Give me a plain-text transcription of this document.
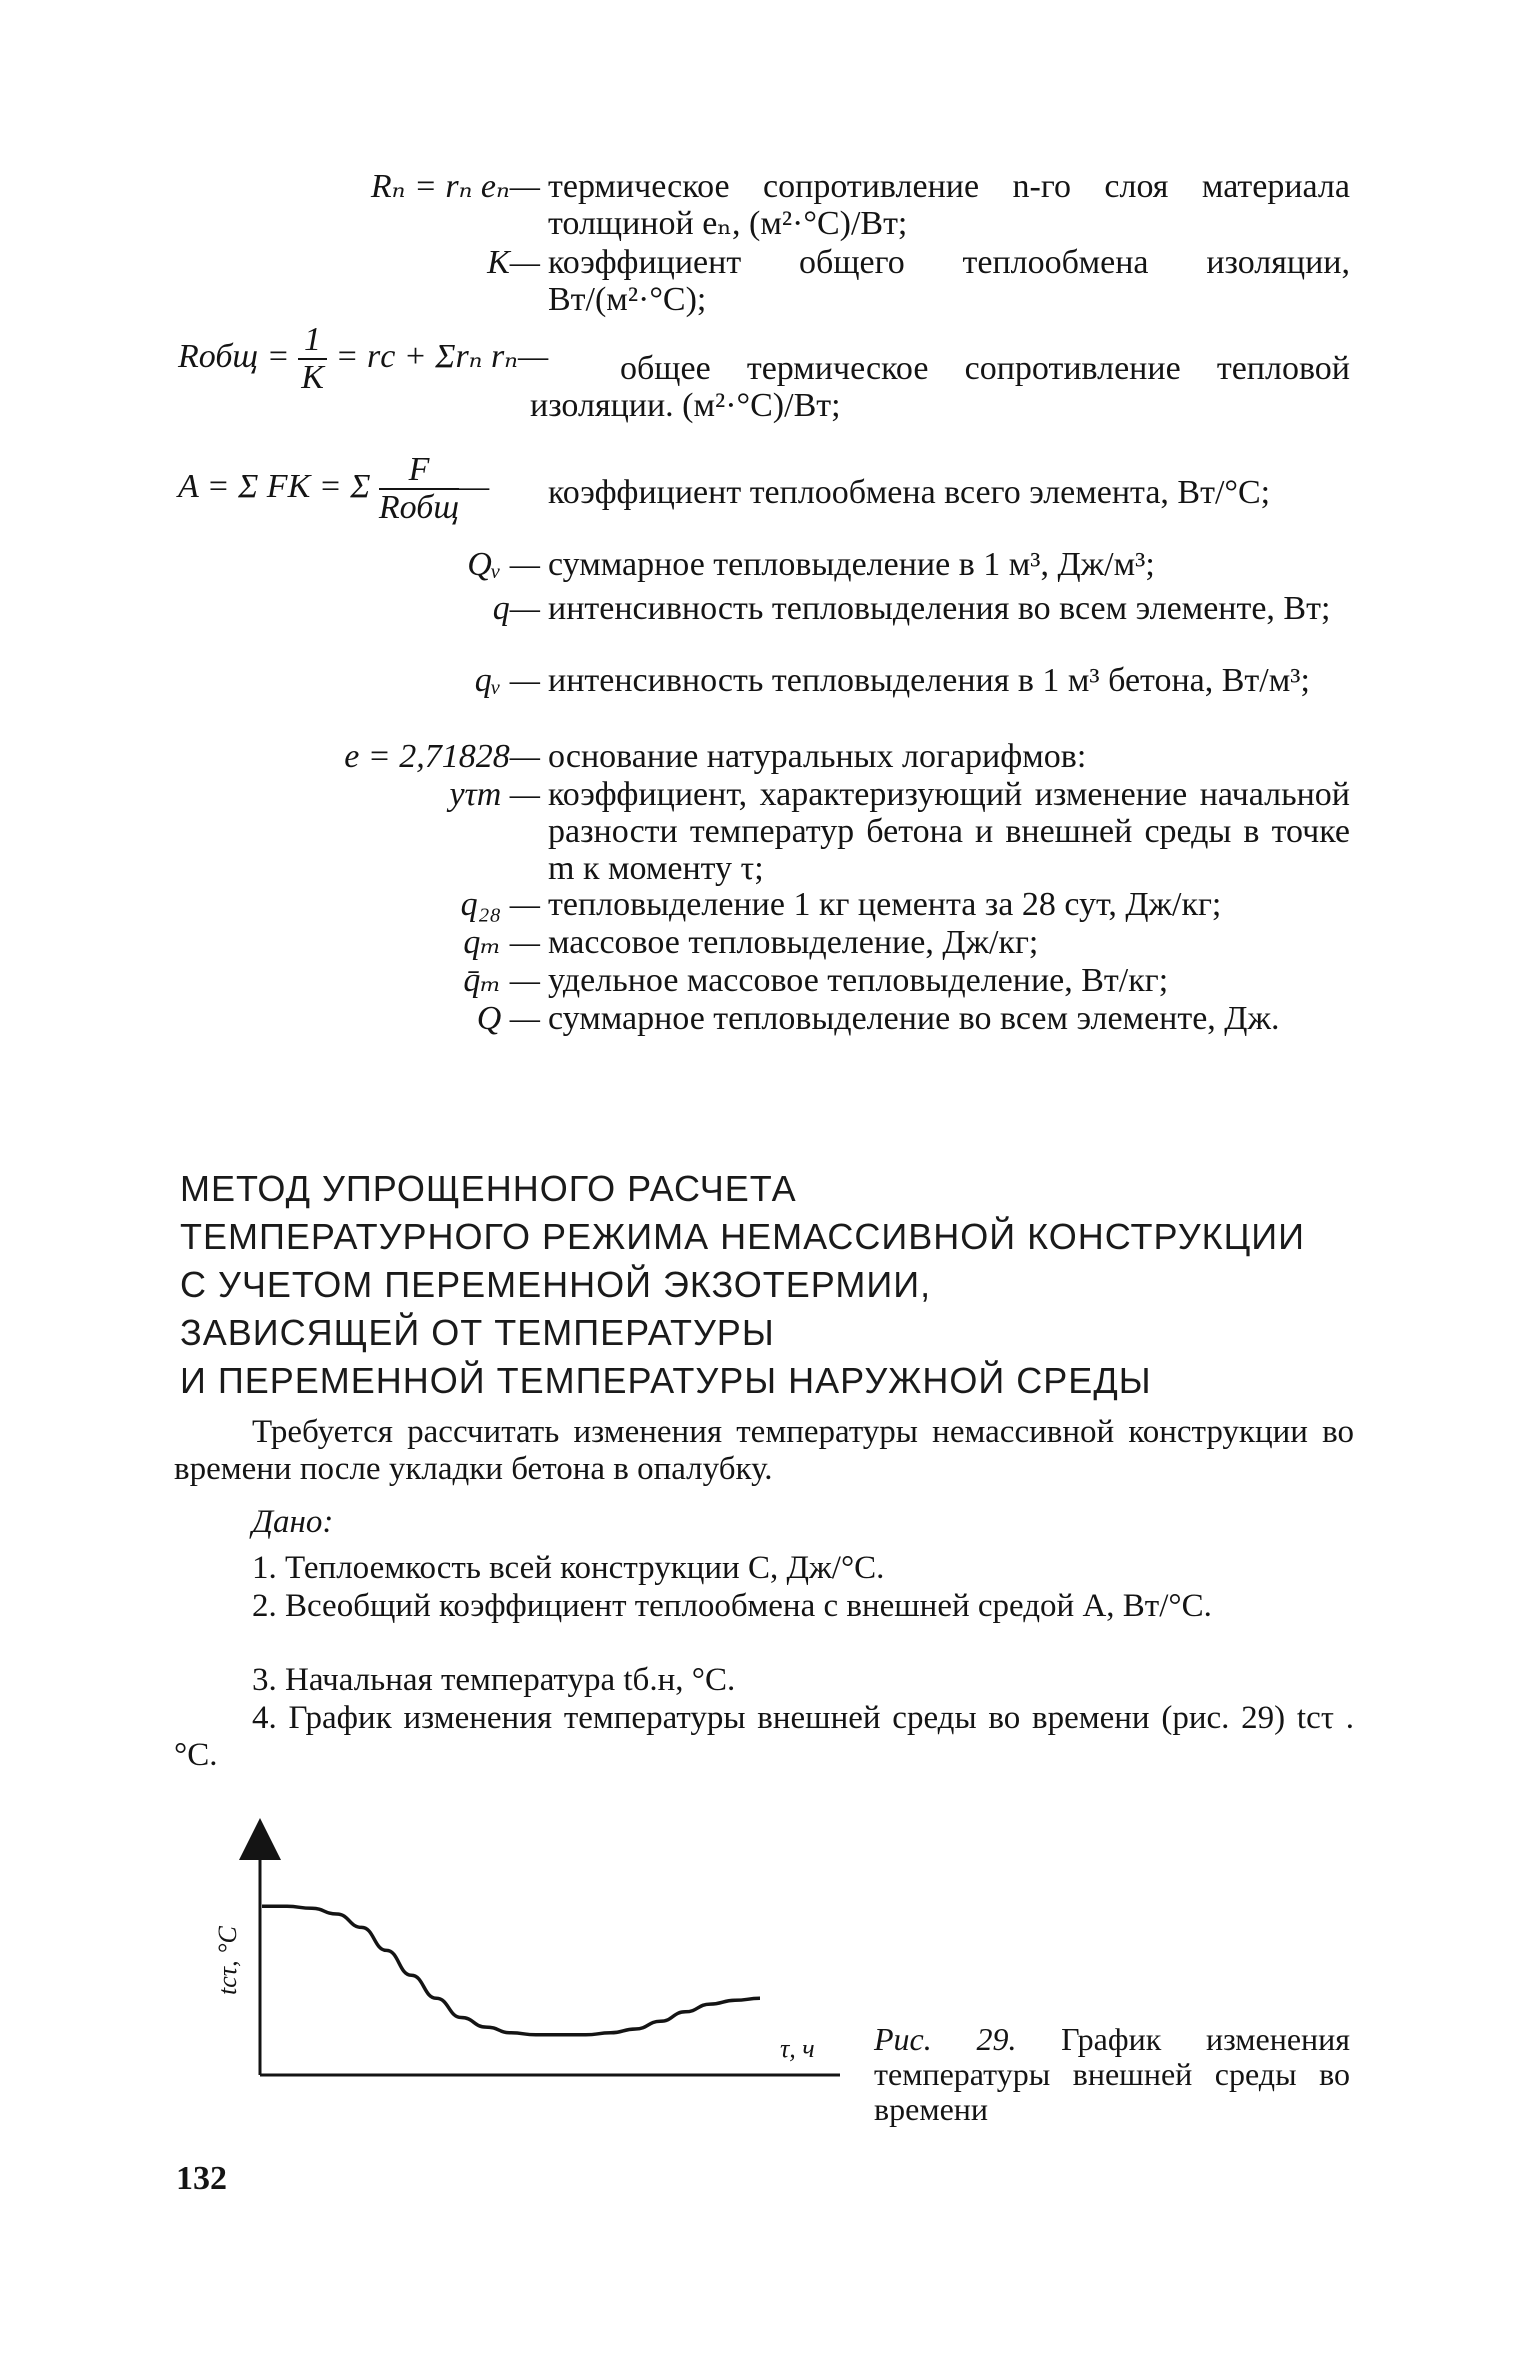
Rₙ = rₙ eₙ— термическое сопротивление n-го слоя материала толщиной eₙ, (м²·°C)/Вт;
K— коэффициент общего теплообмена изоляции, Вт/(м²·°C);
Rобщ = $\frac{1}{K}$ = rс + Σrₙ rₙ—	общее термическое сопротивление тепловой изоляции. (м²·°C)/Вт;
A = Σ FK = Σ $\frac{F}{\text{Rобщ}}$ —	коэффициент теплообмена всего элемента, Вт/°C;
Qᵥ — суммарное тепловыделение в 1 м³, Дж/м³;
q— интенсивность тепловыделения во всем элементе, Вт;
qᵥ — интенсивность тепловыделения в 1 м³ бетона, Вт/м³;
e = 2,71828— основание натуральных логарифмов:
yτm — коэффициент, характеризующий изменение начальной разности температур бетона и внешней среды в точке m к моменту τ;
q₂₈ — тепловыделение 1 кг цемента за 28 сут, Дж/кг;
qₘ — массовое тепловыделение, Дж/кг;
q̄ₘ — удельное массовое тепловыделение, Вт/кг;
Q — суммарное тепловыделение во всем элементе, Дж.
МЕТОД УПРОЩЕННОГО РАСЧЕТА
ТЕМПЕРАТУРНОГО РЕЖИМА НЕМАССИВНОЙ КОНСТРУКЦИИ
С УЧЕТОМ ПЕРЕМЕННОЙ ЭКЗОТЕРМИИ,
ЗАВИСЯЩЕЙ ОТ ТЕМПЕРАТУРЫ
И ПЕРЕМЕННОЙ ТЕМПЕРАТУРЫ НАРУЖНОЙ СРЕДЫ
Требуется рассчитать изменения температуры немассивной конструкции во времени после укладки бетона в опалубку.
Дано:
1. Теплоемкость всей конструкции C, Дж/°C.
2. Всеобщий коэффициент теплообмена с внешней средой A, Вт/°C.
3. Начальная температура tб.н, °C.
4. График изменения температуры внешней среды во времени (рис. 29) tсτ . °C.
tсτ, °C
τ, ч Рис. 29. График изменения температуры внешней среды во времени
132
